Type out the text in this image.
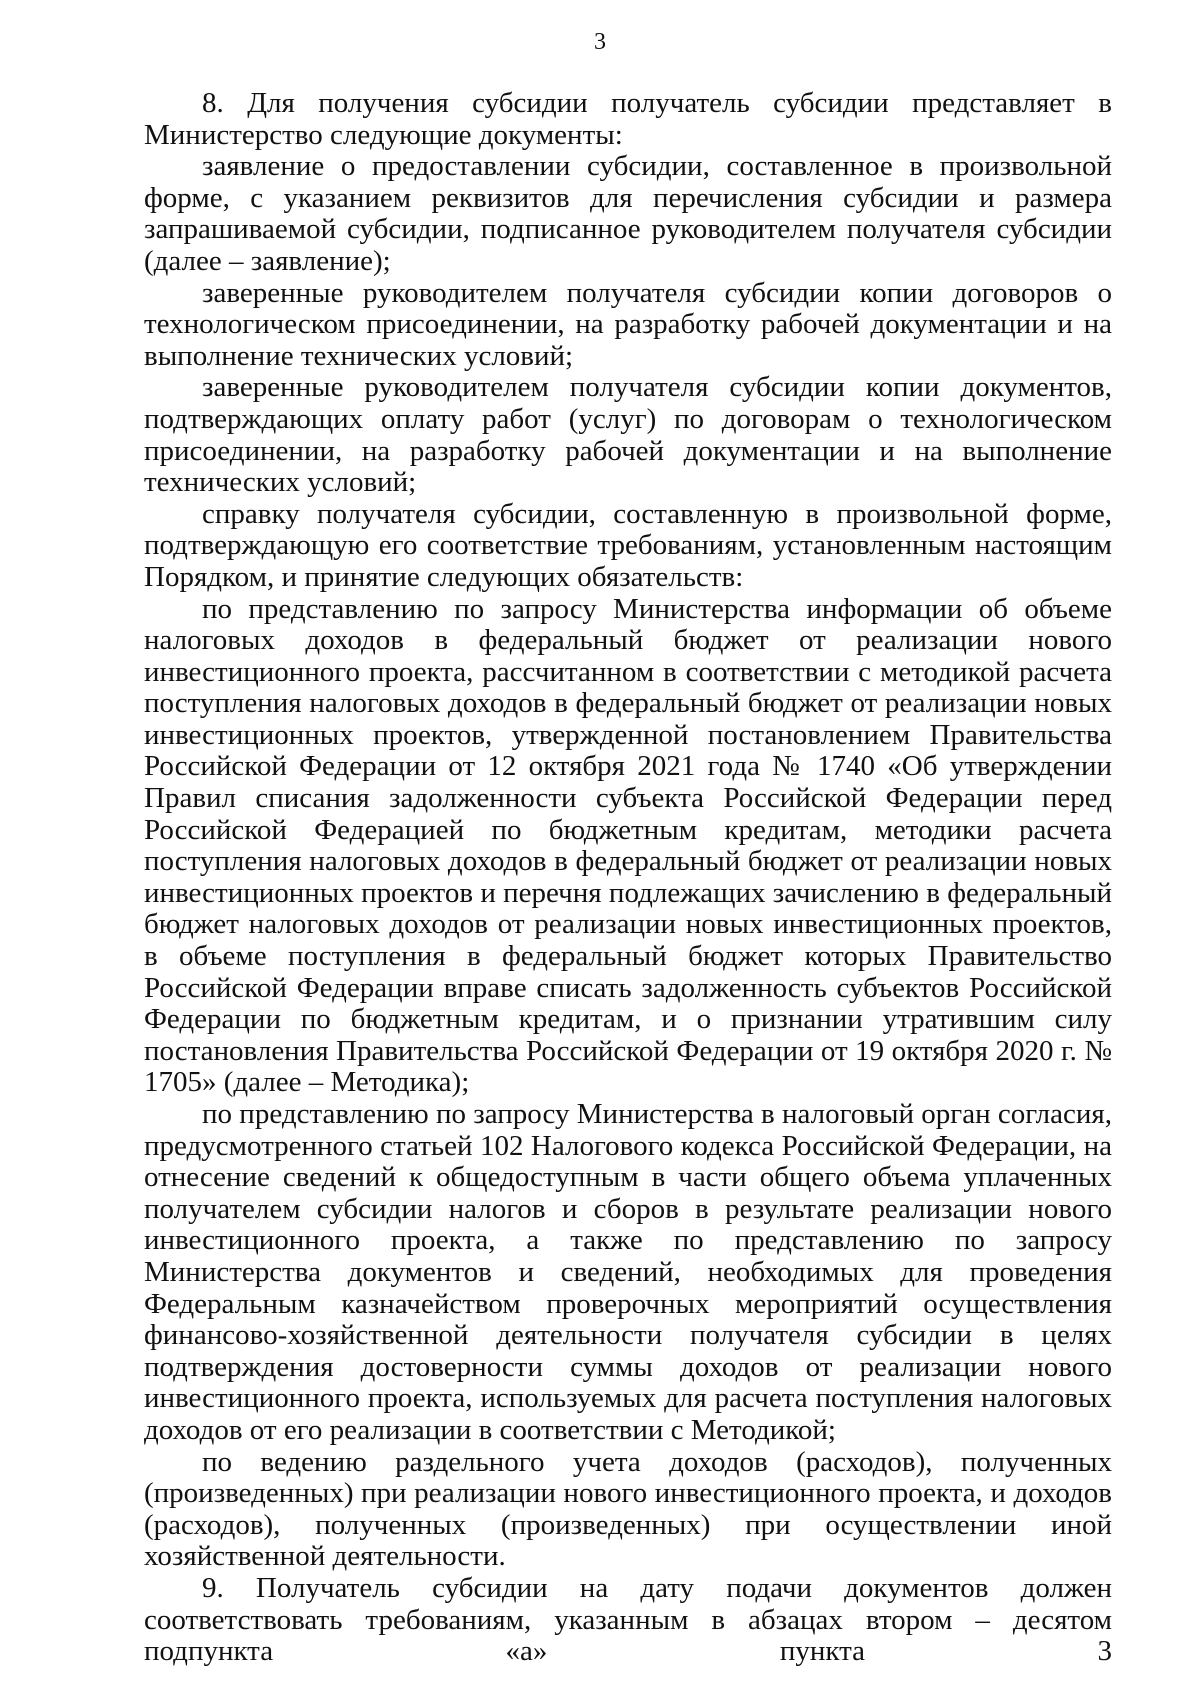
3

8. Для получения субсидии получатель субсидии представляет в Министерство следующие документы:

заявление о предоставлении субсидии, составленное в произвольной форме, с указанием реквизитов для перечисления субсидии и размера запрашиваемой субсидии, подписанное руководителем получателя субсидии (далее – заявление);

заверенные руководителем получателя субсидии копии договоров о технологическом присоединении, на разработку рабочей документации и на выполнение технических условий;

заверенные руководителем получателя субсидии копии документов, подтверждающих оплату работ (услуг) по договорам о технологическом присоединении, на разработку рабочей документации и на выполнение технических условий;

справку получателя субсидии, составленную в произвольной форме, подтверждающую его соответствие требованиям, установленным настоящим Порядком, и принятие следующих обязательств:

по представлению по запросу Министерства информации об объеме налоговых доходов в федеральный бюджет от реализации нового инвестиционного проекта, рассчитанном в соответствии с методикой расчета поступления налоговых доходов в федеральный бюджет от реализации новых инвестиционных проектов, утвержденной постановлением Правительства Российской Федерации от 12 октября 2021 года № 1740 «Об утверждении Правил списания задолженности субъекта Российской Федерации перед Российской Федерацией по бюджетным кредитам, методики расчета поступления налоговых доходов в федеральный бюджет от реализации новых инвестиционных проектов и перечня подлежащих зачислению в федеральный бюджет налоговых доходов от реализации новых инвестиционных проектов, в объеме поступления в федеральный бюджет которых Правительство Российской Федерации вправе списать задолженность субъектов Российской Федерации по бюджетным кредитам, и о признании утратившим силу постановления Правительства Российской Федерации от 19 октября 2020 г. № 1705» (далее – Методика);

по представлению по запросу Министерства в налоговый орган согласия, предусмотренного статьей 102 Налогового кодекса Российской Федерации, на отнесение сведений к общедоступным в части общего объема уплаченных получателем субсидии налогов и сборов в результате реализации нового инвестиционного проекта, а также по представлению по запросу Министерства документов и сведений, необходимых для проведения Федеральным казначейством проверочных мероприятий осуществления финансово-хозяйственной деятельности получателя субсидии в целях подтверждения достоверности суммы доходов от реализации нового инвестиционного проекта, используемых для расчета поступления налоговых доходов от его реализации в соответствии с Методикой;

по ведению раздельного учета доходов (расходов), полученных (произведенных) при реализации нового инвестиционного проекта, и доходов (расходов), полученных (произведенных) при осуществлении иной хозяйственной деятельности.

9. Получатель субсидии на дату подачи документов должен соответствовать требованиям, указанным в абзацах втором – десятом подпункта «а» пункта 3
